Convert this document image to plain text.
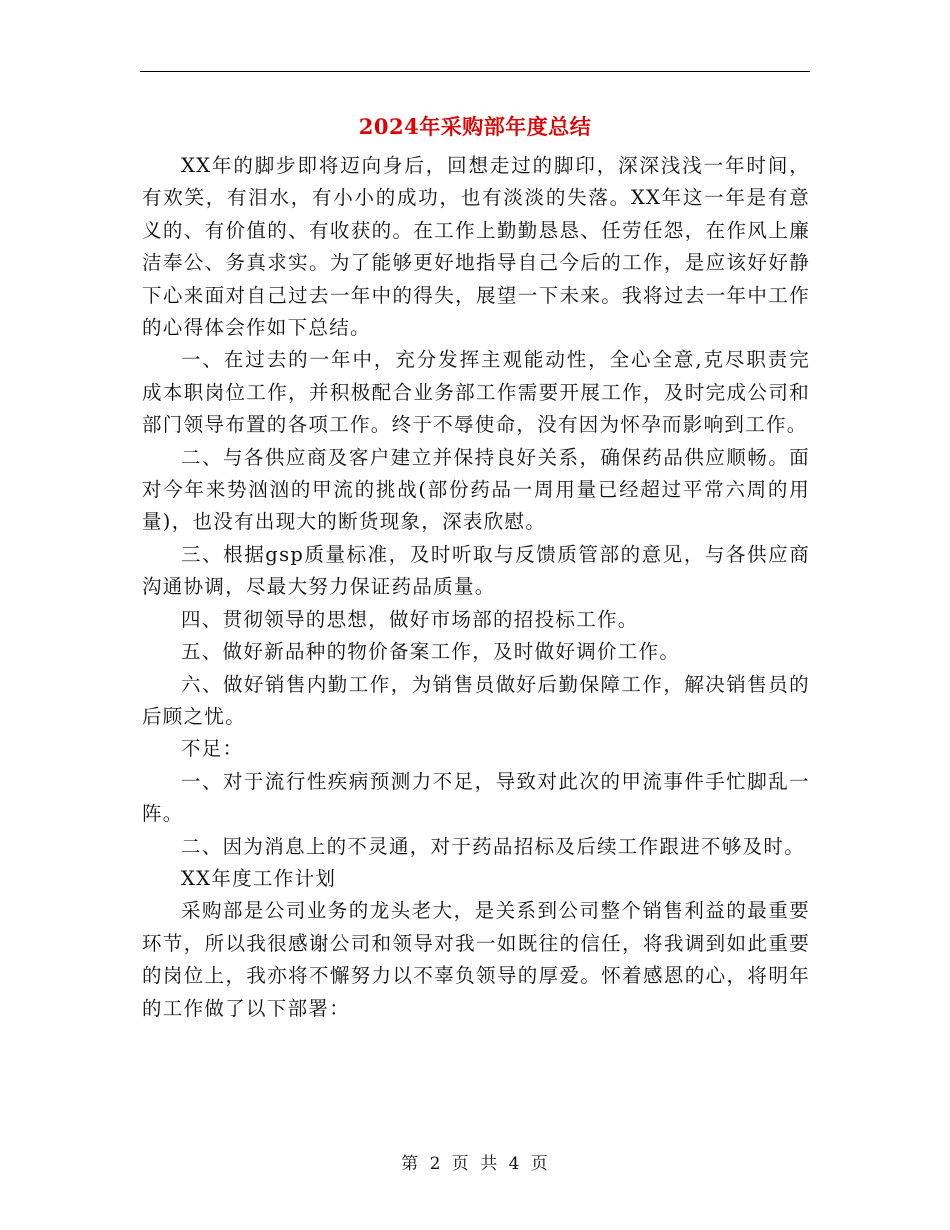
2024年采购部年度总结

XX年的脚步即将迈向身后，回想走过的脚印，深深浅浅一年时间，有欢笑，有泪水，有小小的成功，也有淡淡的失落。XX年这一年是有意义的、有价值的、有收获的。在工作上勤勤恳恳、任劳任怨，在作风上廉洁奉公、务真求实。为了能够更好地指导自己今后的工作，是应该好好静下心来面对自己过去一年中的得失，展望一下未来。我将过去一年中工作的心得体会作如下总结。

一、在过去的一年中，充分发挥主观能动性，全心全意,克尽职责完成本职岗位工作，并积极配合业务部工作需要开展工作，及时完成公司和部门领导布置的各项工作。终于不辱使命，没有因为怀孕而影响到工作。

二、与各供应商及客户建立并保持良好关系，确保药品供应顺畅。面对今年来势汹汹的甲流的挑战(部份药品一周用量已经超过平常六周的用量)，也没有出现大的断货现象，深表欣慰。

三、根据gsp质量标准，及时听取与反馈质管部的意见，与各供应商沟通协调，尽最大努力保证药品质量。

四、贯彻领导的思想，做好市场部的招投标工作。

五、做好新品种的物价备案工作，及时做好调价工作。

六、做好销售内勤工作，为销售员做好后勤保障工作，解决销售员的后顾之忧。

不足：

一、对于流行性疾病预测力不足，导致对此次的甲流事件手忙脚乱一阵。

二、因为消息上的不灵通，对于药品招标及后续工作跟进不够及时。

XX年度工作计划

采购部是公司业务的龙头老大，是关系到公司整个销售利益的最重要环节，所以我很感谢公司和领导对我一如既往的信任，将我调到如此重要的岗位上，我亦将不懈努力以不辜负领导的厚爱。怀着感恩的心，将明年的工作做了以下部署：

第 2 页 共 4 页
